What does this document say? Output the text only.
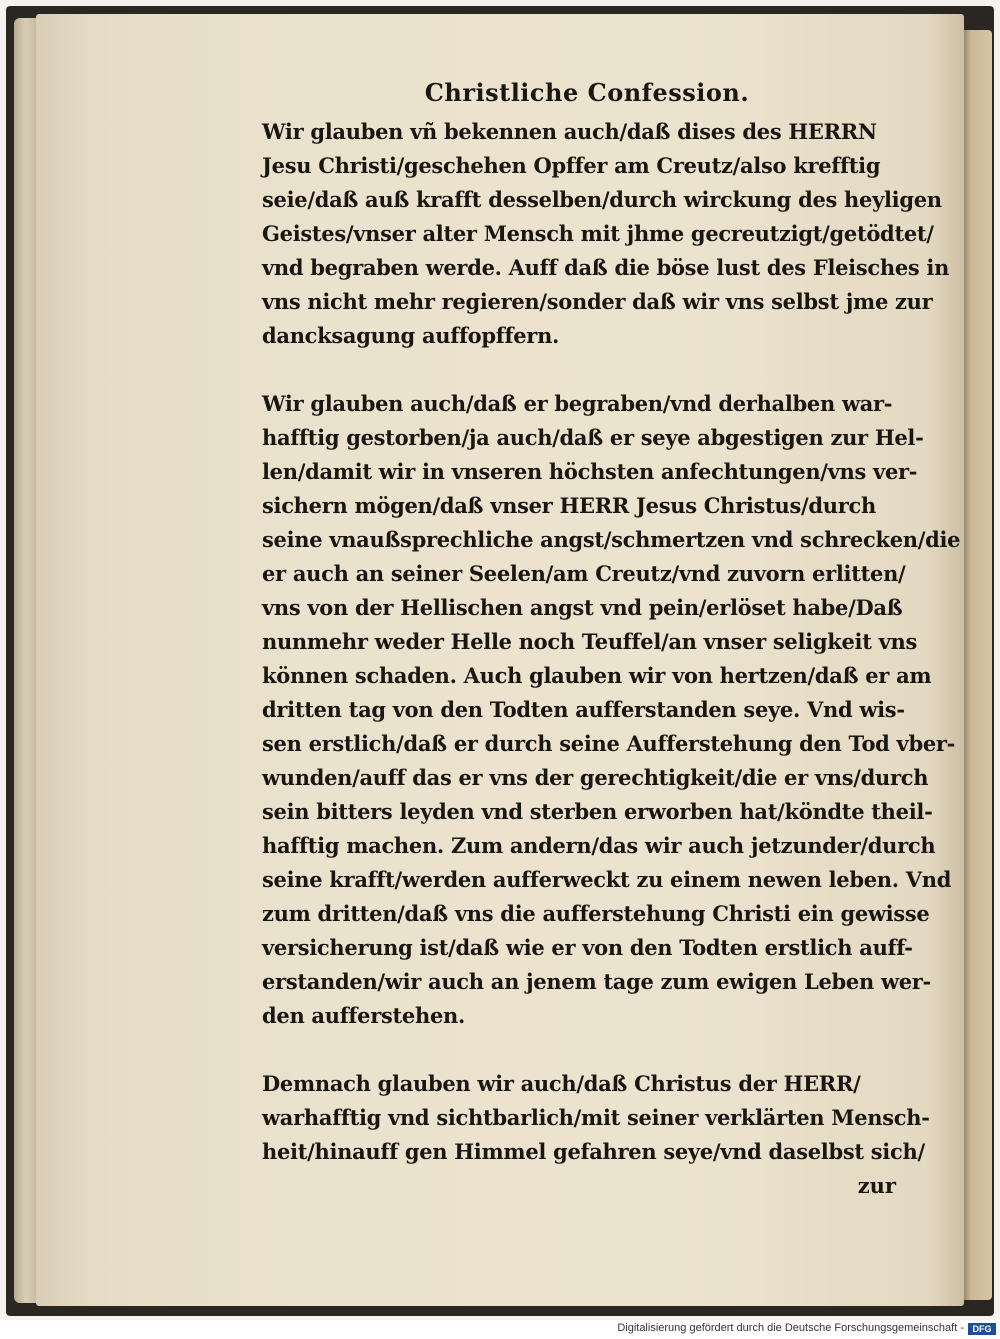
Christliche Confession.
Wir glauben vñ bekennen auch/daß dises des HERRN
Jesu Christi/geschehen Opffer am Creutz/also krefftig
seie/daß auß krafft desselben/durch wirckung des heyligen
Geistes/vnser alter Mensch mit jhme gecreutzigt/getödtet/
vnd begraben werde. Auff daß die böse lust des Fleisches in
vns nicht mehr regieren/sonder daß wir vns selbst jme zur
dancksagung auffopffern.
Wir glauben auch/daß er begraben/vnd derhalben war-
hafftig gestorben/ja auch/daß er seye abgestigen zur Hel-
len/damit wir in vnseren höchsten anfechtungen/vns ver-
sichern mögen/daß vnser HERR Jesus Christus/durch
seine vnaußsprechliche angst/schmertzen vnd schrecken/die
er auch an seiner Seelen/am Creutz/vnd zuvorn erlitten/
vns von der Hellischen angst vnd pein/erlöset habe/Daß
nunmehr weder Helle noch Teuffel/an vnser seligkeit vns
können schaden. Auch glauben wir von hertzen/daß er am
dritten tag von den Todten aufferstanden seye. Vnd wis-
sen erstlich/daß er durch seine Aufferstehung den Tod vber-
wunden/auff das er vns der gerechtigkeit/die er vns/durch
sein bitters leyden vnd sterben erworben hat/köndte theil-
hafftig machen. Zum andern/das wir auch jetzunder/durch
seine krafft/werden aufferweckt zu einem newen leben. Vnd
zum dritten/daß vns die aufferstehung Christi ein gewisse
versicherung ist/daß wie er von den Todten erstlich auff-
erstanden/wir auch an jenem tage zum ewigen Leben wer-
den aufferstehen.
Demnach glauben wir auch/daß Christus der HERR/
warhafftig vnd sichtbarlich/mit seiner verklärten Mensch-
heit/hinauff gen Himmel gefahren seye/vnd daselbst sich/
zur
Digitalisierung gefördert durch die Deutsche Forschungsgemeinschaft - DFG
